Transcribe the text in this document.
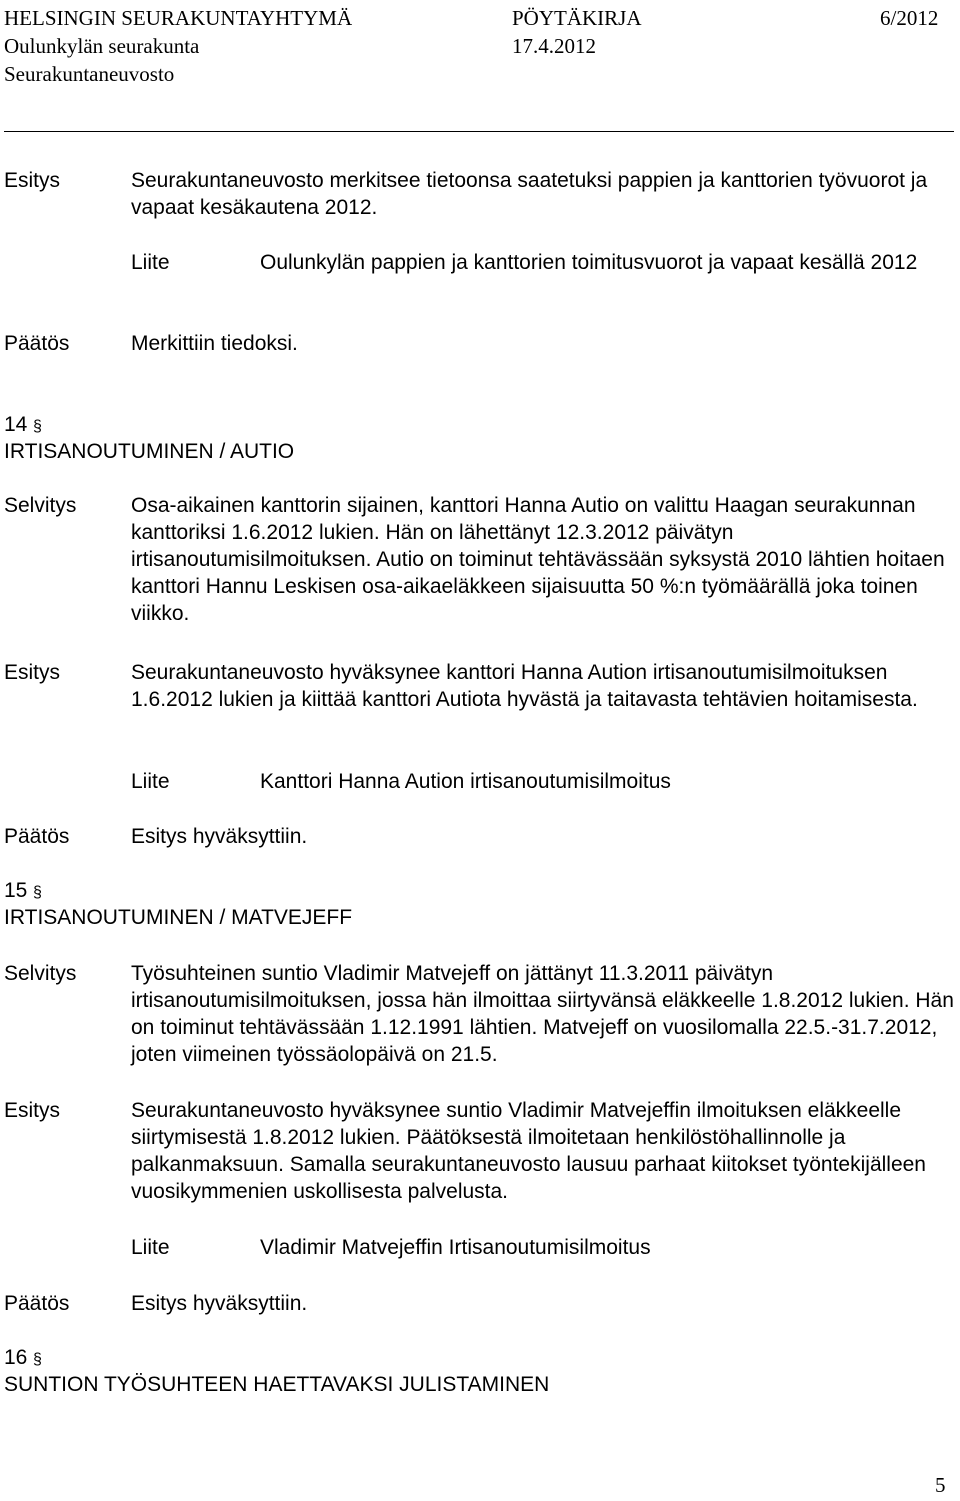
HELSINGIN SEURAKUNTAYHTYMÄ	PÖYTÄKIRJA	6/2012
Oulunkylän seurakunta	17.4.2012
Seurakuntaneuvosto
Esitys	Seurakuntaneuvosto merkitsee tietoonsa saatetuksi pappien ja kanttorien työvuorot ja vapaat kesäkautena 2012.
Liite	Oulunkylän pappien ja kanttorien toimitusvuorot ja vapaat kesällä 2012
Päätös	Merkittiin tiedoksi.
14 §
IRTISANOUTUMINEN / AUTIO
Selvitys	Osa-aikainen kanttorin sijainen, kanttori Hanna Autio on valittu Haagan seurakunnan kanttoriksi 1.6.2012 lukien. Hän on lähettänyt 12.3.2012 päivätyn irtisanoutumisilmoituksen. Autio on toiminut tehtävässään syksystä 2010 lähtien hoitaen kanttori Hannu Leskisen osa-aikaeläkkeen sijaisuutta 50 %:n työmäärällä joka toinen viikko.
Esitys	Seurakuntaneuvosto hyväksynee kanttori Hanna Aution irtisanoutumisilmoituksen 1.6.2012 lukien ja kiittää kanttori Autiota hyvästä ja taitavasta tehtävien hoitamisesta.
Liite	Kanttori Hanna Aution irtisanoutumisilmoitus
Päätös	Esitys hyväksyttiin.
15 §
IRTISANOUTUMINEN / MATVEJEFF
Selvitys	Työsuhteinen suntio Vladimir Matvejeff on jättänyt 11.3.2011 päivätyn irtisanoutumisilmoituksen, jossa hän ilmoittaa siirtyvänsä eläkkeelle 1.8.2012 lukien. Hän on toiminut tehtävässään 1.12.1991 lähtien. Matvejeff on vuosilomalla 22.5.-31.7.2012, joten viimeinen työssäolopäivä on 21.5.
Esitys	Seurakuntaneuvosto hyväksynee suntio Vladimir Matvejeffin ilmoituksen eläkkeelle siirtymisestä 1.8.2012 lukien. Päätöksestä ilmoitetaan henkilöstöhallinnolle ja palkanmaksuun. Samalla seurakuntaneuvosto lausuu parhaat kiitokset työntekijälleen vuosikymmenien uskollisesta palvelusta.
Liite	Vladimir Matvejeffin Irtisanoutumisilmoitus
Päätös	Esitys hyväksyttiin.
16 §
SUNTION TYÖSUHTEEN HAETTAVAKSI JULISTAMINEN
5
